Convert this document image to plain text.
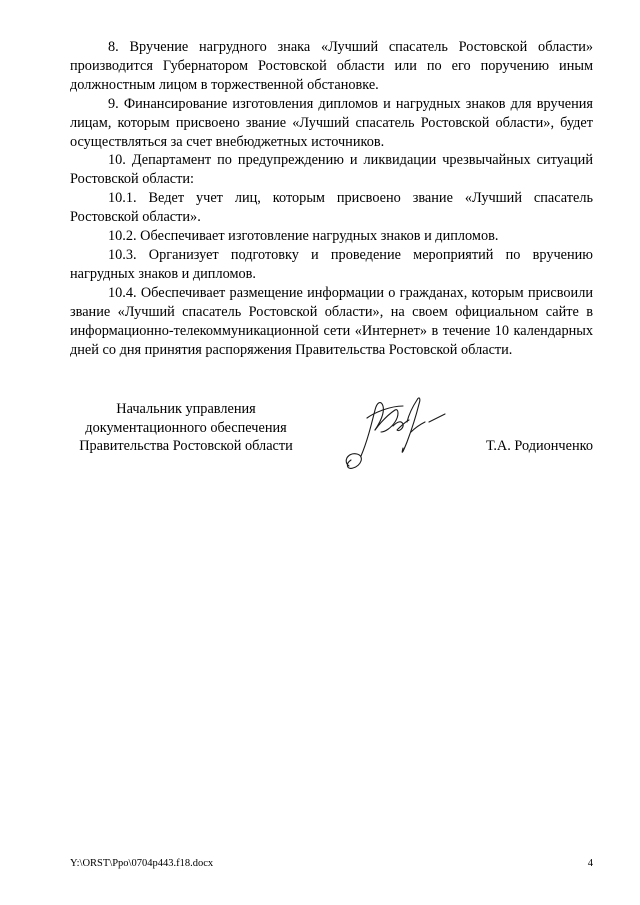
8. Вручение нагрудного знака «Лучший спасатель Ростовской области» производится Губернатором Ростовской области или по его поручению иным должностным лицом в торжественной обстановке.

9. Финансирование изготовления дипломов и нагрудных знаков для вручения лицам, которым присвоено звание «Лучший спасатель Ростовской области», будет осуществляться за счет внебюджетных источников.

10. Департамент по предупреждению и ликвидации чрезвычайных ситуаций Ростовской области:

10.1. Ведет учет лиц, которым присвоено звание «Лучший спасатель Ростовской области».

10.2. Обеспечивает изготовление нагрудных знаков и дипломов.

10.3. Организует подготовку и проведение мероприятий по вручению нагрудных знаков и дипломов.

10.4. Обеспечивает размещение информации о гражданах, которым присвоили звание «Лучший спасатель Ростовской области», на своем официальном сайте в информационно-телекоммуникационной сети «Интернет» в течение 10 календарных дней со дня принятия распоряжения Правительства Ростовской области.

Начальник управления
документационного обеспечения
Правительства Ростовской области	Т.А. Родионченко
Y:\ORST\Ppo\0704p443.f18.docx	4
